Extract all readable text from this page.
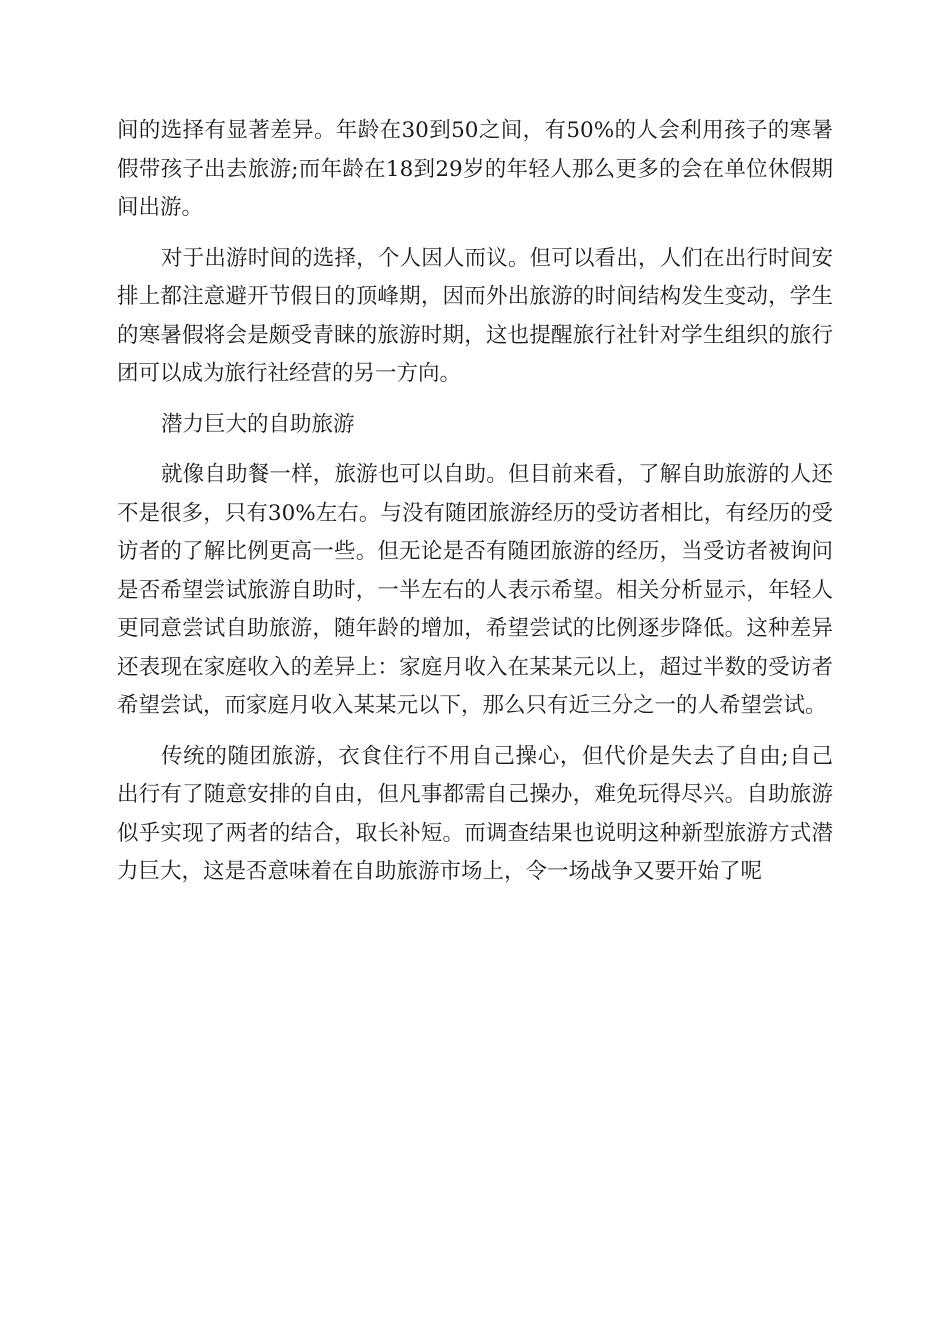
间的选择有显著差异。年龄在30到50之间，有50%的人会利用孩子的寒暑假带孩子出去旅游;而年龄在18到29岁的年轻人那么更多的会在单位休假期间出游。

对于出游时间的选择，个人因人而议。但可以看出，人们在出行时间安排上都注意避开节假日的顶峰期，因而外出旅游的时间结构发生变动，学生的寒暑假将会是颇受青睐的旅游时期，这也提醒旅行社针对学生组织的旅行团可以成为旅行社经营的另一方向。

潜力巨大的自助旅游

就像自助餐一样，旅游也可以自助。但目前来看，了解自助旅游的人还不是很多，只有30%左右。与没有随团旅游经历的受访者相比，有经历的受访者的了解比例更高一些。但无论是否有随团旅游的经历，当受访者被询问是否希望尝试旅游自助时，一半左右的人表示希望。相关分析显示，年轻人更同意尝试自助旅游，随年龄的增加，希望尝试的比例逐步降低。这种差异还表现在家庭收入的差异上：家庭月收入在某某元以上，超过半数的受访者希望尝试，而家庭月收入某某元以下，那么只有近三分之一的人希望尝试。

传统的随团旅游，衣食住行不用自己操心，但代价是失去了自由;自己出行有了随意安排的自由，但凡事都需自己操办，难免玩得尽兴。自助旅游似乎实现了两者的结合，取长补短。而调查结果也说明这种新型旅游方式潜力巨大，这是否意味着在自助旅游市场上，令一场战争又要开始了呢
